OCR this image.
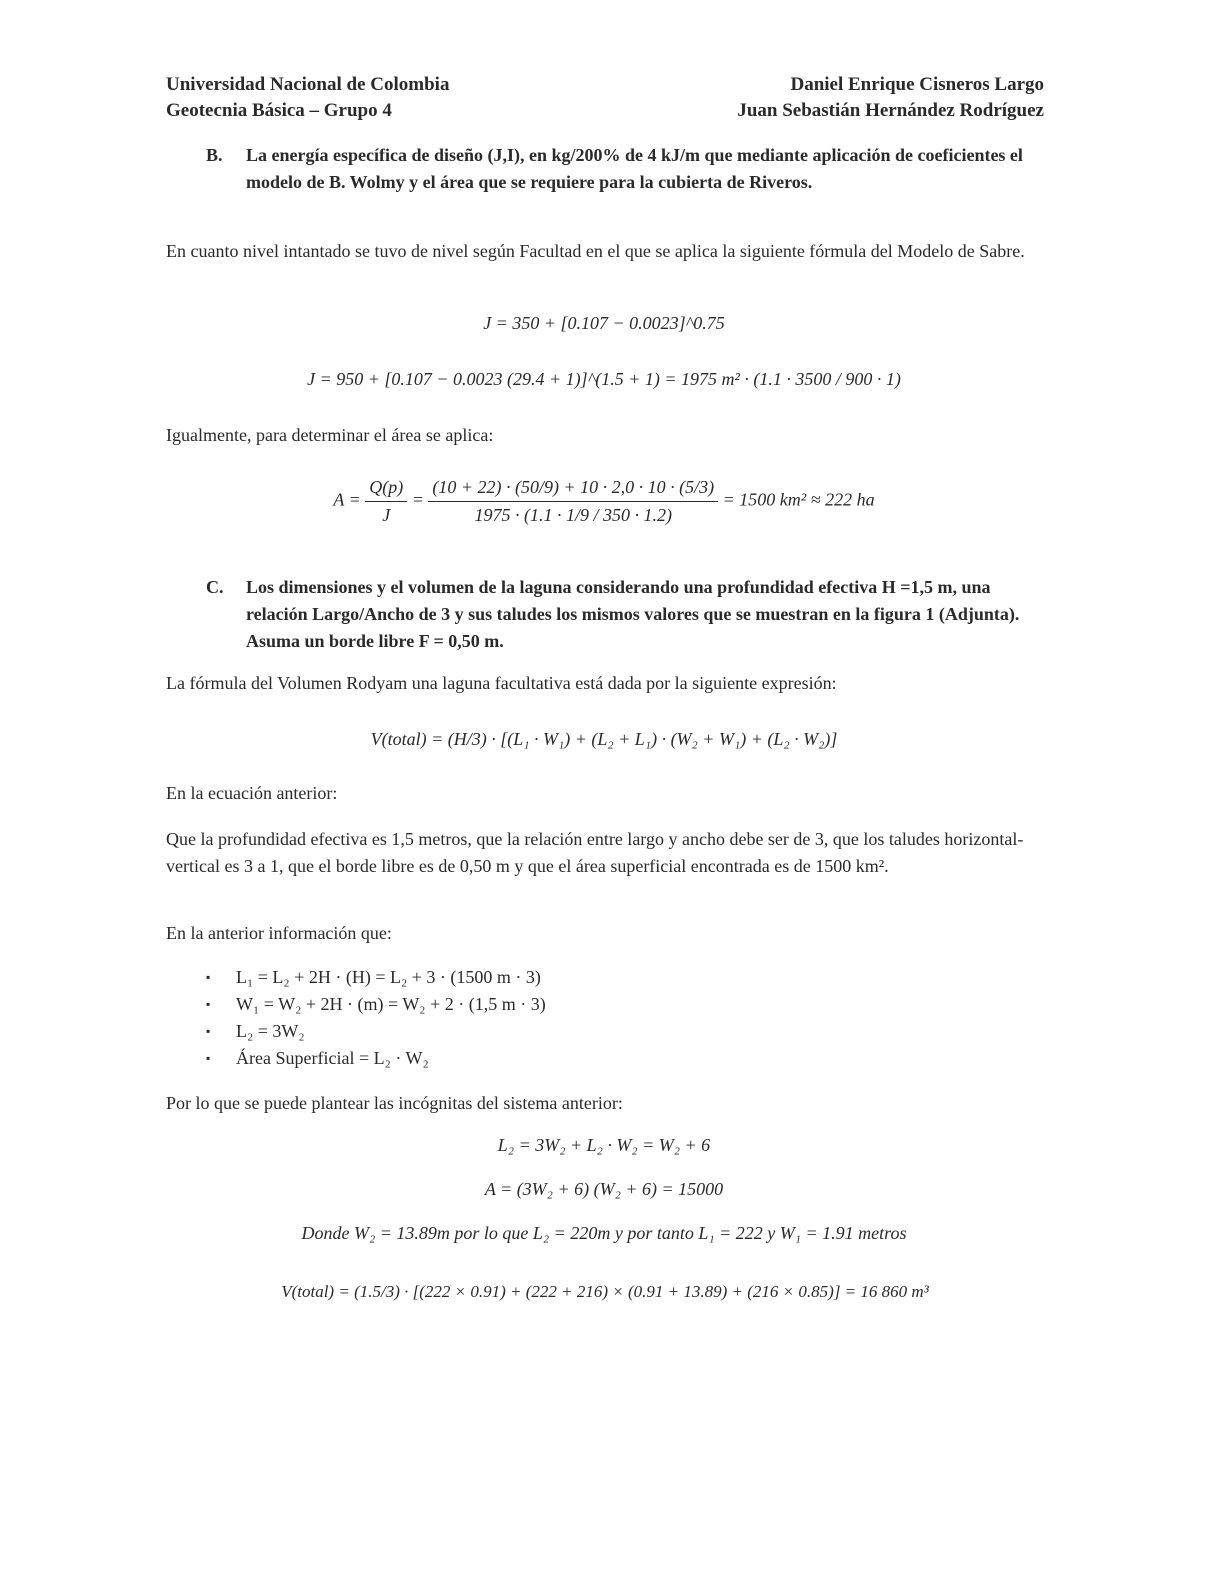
Universidad Nacional de Colombia	Daniel Enrique Cisneros Largo
Geotecnia Básica – Grupo 4	Juan Sebastián Hernández Rodríguez
B.	La energía específica de diseño (J,I), en kg/200% de 4 kJ/m que mediante aplicación de coeficientes el modelo de B. Wolmy y el área que se requiere para la cubierta de Riveros.
En cuanto nivel intantado se tuvo de nivel según Facultad en el que se aplica la siguiente fórmula del Modelo de Sabre.
J = 350 + [0.107 − 0.0023]^0.75
J = 950 + [0.107 − 0.0023 (29.4 + 1)]^(1.5 + 1) = 1975 m² · (1.1 · 3500 / 900 · 1)
Igualmente, para determinar el área se aplica:
$A = \frac{Q(p)}{J} = \frac{(10 + 22) \cdot (50/9) + 10 \cdot 2,0 \cdot 10 \cdot (5/3)}{1975 \cdot (1.1 \cdot 1/9 / 350 \cdot 1.2)} = 1500$ km² ≈ 222 ha
C.	Los dimensiones y el volumen de la laguna considerando una profundidad efectiva H =1,5 m, una relación Largo/Ancho de 3 y sus taludes los mismos valores que se muestran en la figura 1 (Adjunta). Asuma un borde libre F = 0,50 m.
La fórmula del Volumen Rodyam una laguna facultativa está dada por la siguiente expresión:
V(total) = (H/3) · [(L₁ · W₁) + (L₂ + L₁) · (W₂ + W₁) + (L₂ · W₂)]
En la ecuación anterior:
Que la profundidad efectiva es 1,5 metros, que la relación entre largo y ancho debe ser de 3, que los taludes horizontal-vertical es 3 a 1, que el borde libre es de 0,50 m y que el área superficial encontrada es de 1500 km².
En la anterior información que:
▪ L₁ = L₂ + 2H · (H) = L₂ + 3 · (1500 m · 3)
▪ W₁ = W₂ + 2H · (m) = W₂ + 2 · (1,5 m · 3)
▪ L₂ = 3W₂
▪ Área Superficial = L₂ · W₂
Por lo que se puede plantear las incógnitas del sistema anterior:
L₂ = 3W₂ + L₂ · W₂ = W₂ + 6
A = (3W₂ + 6) (W₂ + 6) = 15000
Donde W₂ = 13.89m por lo que L₂ = 220m y por tanto L₁ = 222 y W₁ = 1.91 metros
V(total) = (1.5/3) · [(222 × 0.91) + (222 + 216) × (0.91 + 13.89) + (216 × 0.85)] = 16 860 m³
